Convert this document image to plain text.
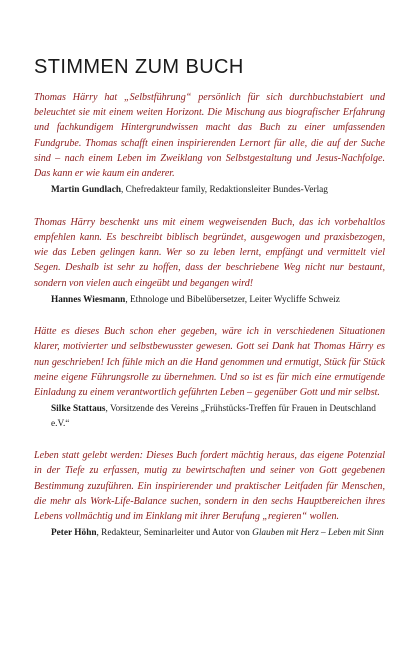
STIMMEN ZUM BUCH

Thomas Härry hat „Selbstführung“ persönlich für sich durchbuchstabiert und beleuchtet sie mit einem weiten Horizont. Die Mischung aus biografischer Erfahrung und fachkundigem Hintergrundwissen macht das Buch zu einer umfassenden Fundgrube. Thomas schafft einen inspirierenden Lernort für alle, die auf der Suche sind – nach einem Leben im Zweiklang von Selbstgestaltung und Jesus-Nachfolge. Das kann er wie kaum ein anderer.

Martin Gundlach, Chefredakteur family, Redaktionsleiter Bundes-Verlag

Thomas Härry beschenkt uns mit einem wegweisenden Buch, das ich vorbehaltlos empfehlen kann. Es beschreibt biblisch begründet, ausgewogen und praxisbezogen, wie das Leben gelingen kann. Wer so zu leben lernt, empfängt und vermittelt viel Segen. Deshalb ist sehr zu hoffen, dass der beschriebene Weg nicht nur bestaunt, sondern von vielen auch eingeübt und begangen wird!

Hannes Wiesmann, Ethnologe und Bibelübersetzer, Leiter Wycliffe Schweiz

Hätte es dieses Buch schon eher gegeben, wäre ich in verschiedenen Situationen klarer, motivierter und selbstbewusster gewesen. Gott sei Dank hat Thomas Härry es nun geschrieben! Ich fühle mich an die Hand genommen und ermutigt, Stück für Stück meine eigene Führungsrolle zu übernehmen. Und so ist es für mich eine ermutigende Einladung zu einem verantwortlich geführten Leben – gegenüber Gott und mir selbst.

Silke Stattaus, Vorsitzende des Vereins „Frühstücks-Treffen für Frauen in Deutschland e.V.“

Leben statt gelebt werden: Dieses Buch fordert mächtig heraus, das eigene Potenzial in der Tiefe zu erfassen, mutig zu bewirtschaften und seiner von Gott gegebenen Bestimmung zuzuführen. Ein inspirierender und praktischer Leitfaden für Menschen, die mehr als Work-Life-Balance suchen, sondern in den sechs Hauptbereichen ihres Lebens vollmächtig und im Einklang mit ihrer Berufung „regieren“ wollen.

Peter Höhn, Redakteur, Seminarleiter und Autor von Glauben mit Herz – Leben mit Sinn
